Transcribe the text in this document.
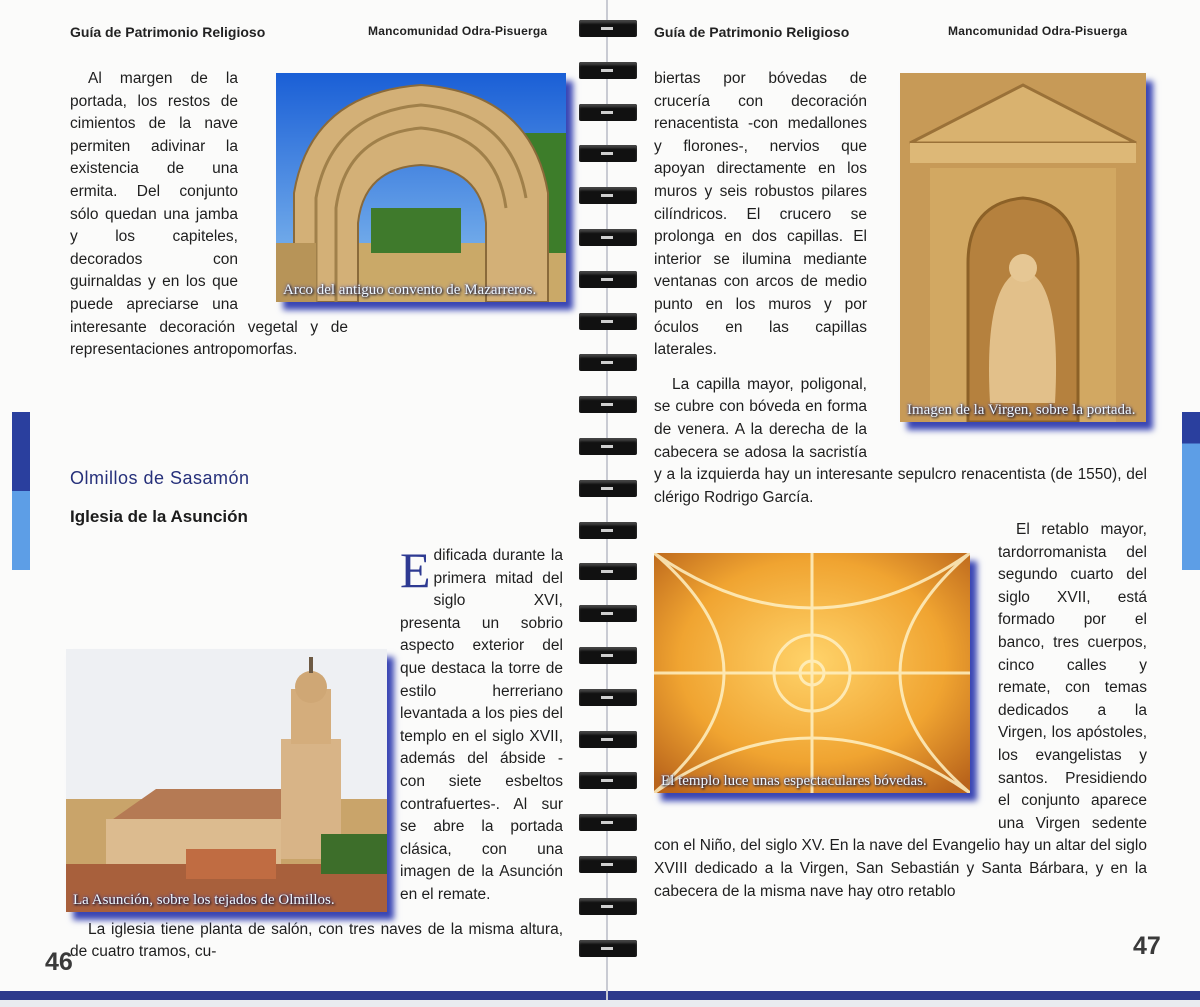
Guía de Patrimonio Religioso	Mancomunidad Odra-Pisuerga

Al margen de la portada, los restos de cimientos de la nave permiten adivinar la existencia de una ermita. Del conjunto sólo quedan una jamba y los capiteles, decorados con guirnaldas y en los que puede apreciarse una interesante decoración vegetal y de representaciones antropomorfas.

Arco del antiguo convento de Mazarreros.
Olmillos de Sasamón
Iglesia de la Asunción
E dificada durante la primera mitad del siglo XVI, presenta un sobrio aspecto exterior del que destaca la torre de estilo herreriano levantada a los pies del templo en el siglo XVII, además del ábside -con siete esbeltos contrafuertes-. Al sur se abre la portada clásica, con una imagen de la Asunción en el remate.

La iglesia tiene planta de salón, con tres naves de la misma altura, de cuatro tramos, cu-

La Asunción, sobre los tejados de Olmillos.
46
Guía de Patrimonio Religioso	Mancomunidad Odra-Pisuerga

biertas por bóvedas de crucería con decoración renacentista -con medallones y florones-, nervios que apoyan directamente en los muros y seis robustos pilares cilíndricos. El crucero se prolonga en dos capillas. El interior se ilumina mediante ventanas con arcos de medio punto en los muros y por óculos en las capillas laterales.

La capilla mayor, poligonal, se cubre con bóveda en forma de venera. A la derecha de la cabecera se adosa la sacristía y a la izquierda hay un interesante sepulcro renacentista (de 1550), del clérigo Rodrigo García.

Imagen de la Virgen, sobre la portada.

El retablo mayor, tardorromanista del segundo cuarto del siglo XVII, está formado por el banco, tres cuerpos, cinco calles y remate, con temas dedicados a la Virgen, los apóstoles, los evangelistas y santos. Presidiendo el conjunto aparece una Virgen sedente con el Niño, del siglo XV. En la nave del Evangelio hay un altar del siglo XVIII dedicado a la Virgen, San Sebastián y Santa Bárbara, y en la cabecera de la misma nave hay otro retablo

El templo luce unas espectaculares bóvedas.
47
